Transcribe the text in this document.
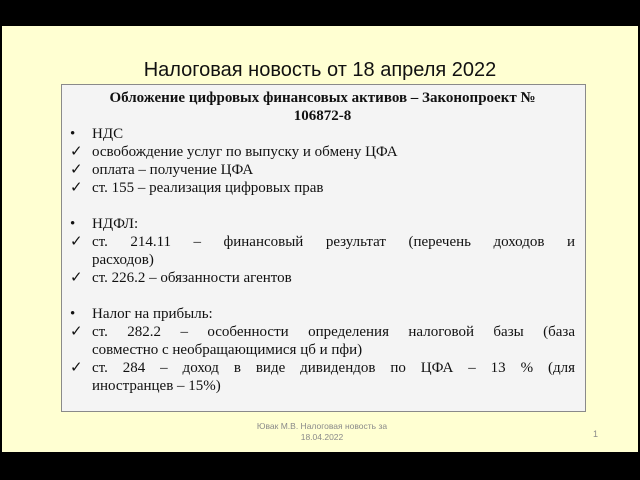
Налоговая новость от 18 апреля 2022
Обложение цифровых финансовых активов – Законопроект №
106872-8
•	НДС
✓ освобождение услуг по выпуску и обмену ЦФА
✓ оплата – получение ЦФА
✓ ст. 155 – реализация цифровых прав
•	НДФЛ:
✓ ст. 214.11 – финансовый результат (перечень доходов и
расходов)
✓ ст. 226.2 – обязанности агентов
•	Налог на прибыль:
✓ ст. 282.2 – особенности определения налоговой базы (база
совместно с необращающимися цб и пфи)
✓ ст. 284 – доход в виде дивидендов по ЦФА – 13 % (для
иностранцев – 15%)
Ювак М.В. Налоговая новость за
18.04.2022	1
